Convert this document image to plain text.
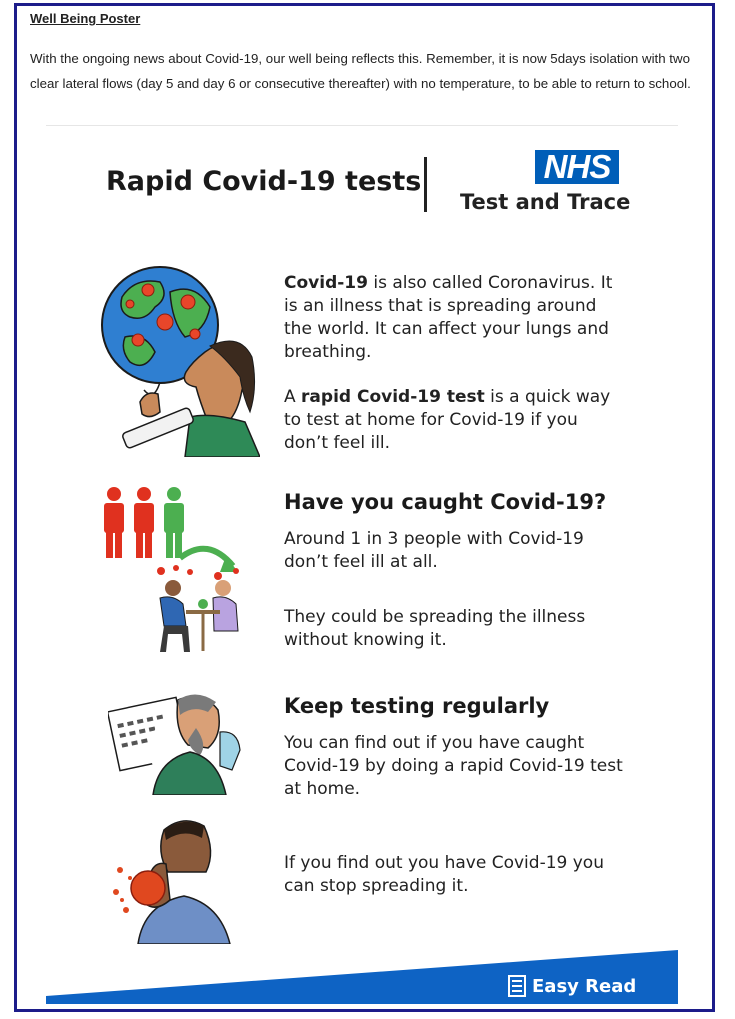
Well Being Poster
With the ongoing news about Covid-19, our well being reflects this. Remember, it is now 5days isolation with two clear lateral flows (day 5 and day 6 or consecutive thereafter) with no temperature, to be able to return to school.
Rapid Covid-19 tests	NHS
Test and Trace
Covid-19 is also called Coronavirus. It is an illness that is spreading around the world. It can affect your lungs and breathing.
A rapid Covid-19 test is a quick way to test at home for Covid-19 if you don’t feel ill.
Have you caught Covid-19?
Around 1 in 3 people with Covid-19 don’t feel ill at all.
They could be spreading the illness without knowing it.
Keep testing regularly
You can find out if you have caught Covid-19 by doing a rapid Covid-19 test at home.
If you find out you have Covid-19 you can stop spreading it.
Easy Read
